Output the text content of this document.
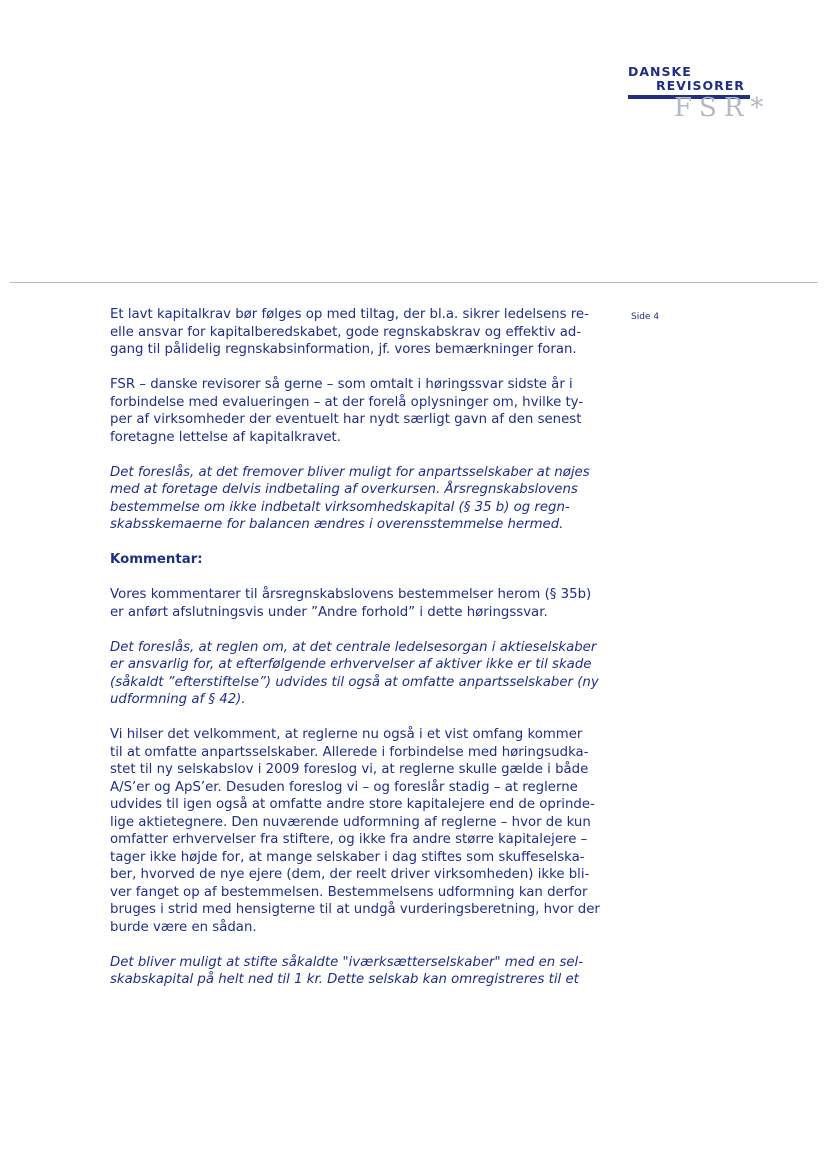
DANSKE
REVISORER
FSR*
Side 4

Et lavt kapitalkrav bør følges op med tiltag, der bl.a. sikrer ledelsens re-

elle ansvar for kapitalberedskabet, gode regnskabskrav og effektiv ad-

gang til pålidelig regnskabsinformation, jf. vores bemærkninger foran.

FSR – danske revisorer så gerne – som omtalt i høringssvar sidste år i

forbindelse med evalueringen – at der forelå oplysninger om, hvilke ty-

per af virksomheder der eventuelt har nydt særligt gavn af den senest

foretagne lettelse af kapitalkravet.

Det foreslås, at det fremover bliver muligt for anpartsselskaber at nøjes

med at foretage delvis indbetaling af overkursen. Årsregnskabslovens

bestemmelse om ikke indbetalt virksomhedskapital (§ 35 b) og regn-

skabsskemaerne for balancen ændres i overensstemmelse hermed.

Kommentar:

Vores kommentarer til årsregnskabslovens bestemmelser herom (§ 35b)

er anført afslutningsvis under ”Andre forhold” i dette høringssvar.

Det foreslås, at reglen om, at det centrale ledelsesorgan i aktieselskaber

er ansvarlig for, at efterfølgende erhvervelser af aktiver ikke er til skade

(såkaldt ”efterstiftelse”) udvides til også at omfatte anpartsselskaber (ny

udformning af § 42).

Vi hilser det velkomment, at reglerne nu også i et vist omfang kommer

til at omfatte anpartsselskaber. Allerede i forbindelse med høringsudka-

stet til ny selskabslov i 2009 foreslog vi, at reglerne skulle gælde i både

A/S’er og ApS’er. Desuden foreslog vi – og foreslår stadig – at reglerne

udvides til igen også at omfatte andre store kapitalejere end de oprinde-

lige aktietegnere. Den nuværende udformning af reglerne – hvor de kun

omfatter erhvervelser fra stiftere, og ikke fra andre større kapitalejere –

tager ikke højde for, at mange selskaber i dag stiftes som skuffeselska-

ber, hvorved de nye ejere (dem, der reelt driver virksomheden) ikke bli-

ver fanget op af bestemmelsen. Bestemmelsens udformning kan derfor

bruges i strid med hensigterne til at undgå vurderingsberetning, hvor der

burde være en sådan.

Det bliver muligt at stifte såkaldte "iværksætterselskaber" med en sel-

skabskapital på helt ned til 1 kr. Dette selskab kan omregistreres til et
